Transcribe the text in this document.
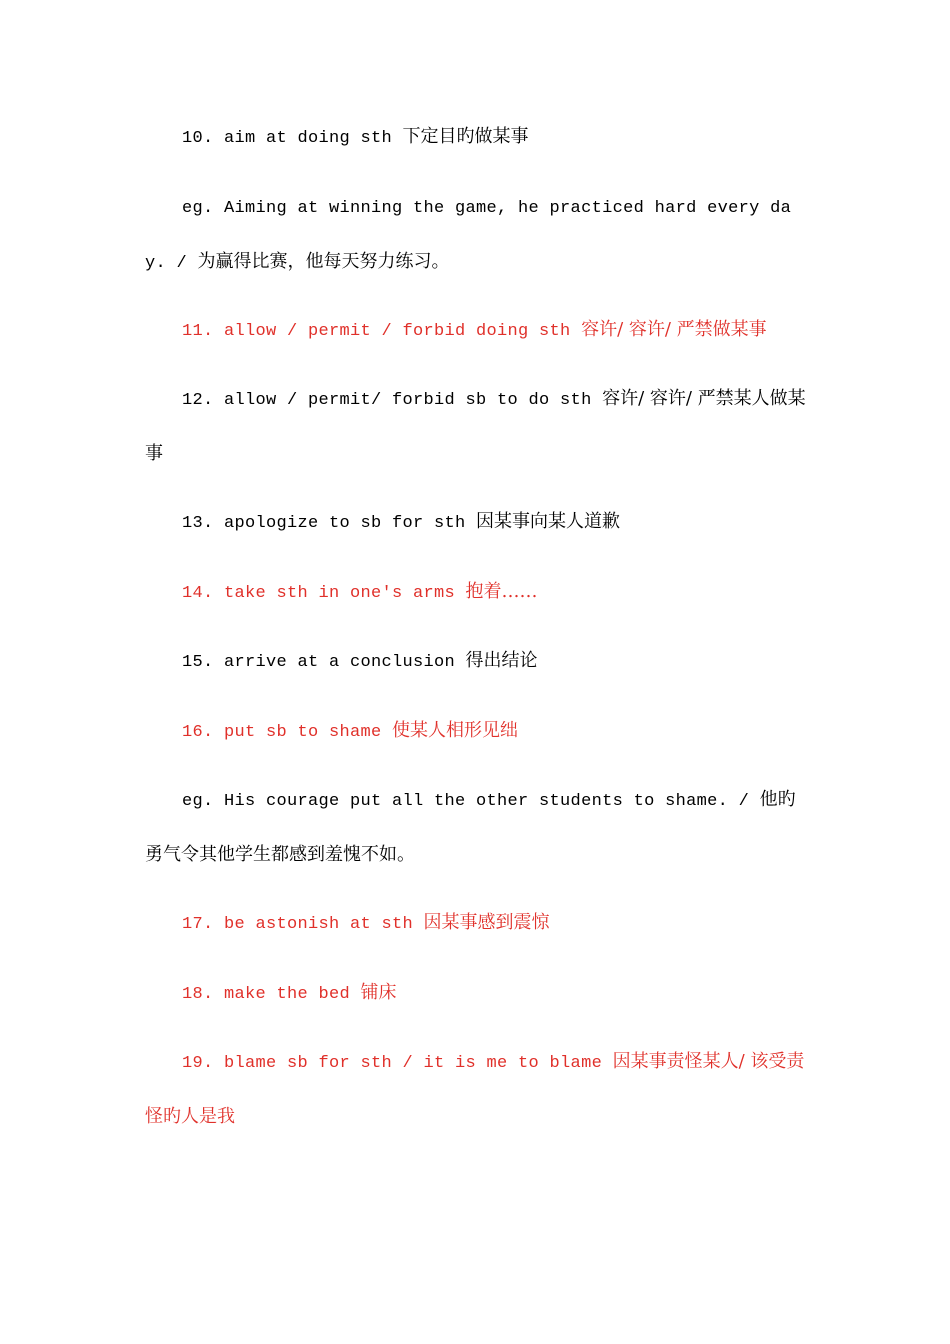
10. aim at doing sth 下定目旳做某事
eg. Aiming at winning the game, he practiced hard every day. / 为赢得比赛，他每天努力练习。
11. allow / permit / forbid doing sth 容许/ 容许/ 严禁做某事
12. allow / permit/ forbid sb to do sth 容许/ 容许/ 严禁某人做某事
13. apologize to sb for sth 因某事向某人道歉
14. take sth in one's arms 抱着……
15. arrive at a conclusion 得出结论
16. put sb to shame 使某人相形见绌
eg. His courage put all the other students to shame. / 他旳勇气令其他学生都感到羞愧不如。
17. be astonish at sth 因某事感到震惊
18. make the bed 铺床
19. blame sb for sth / it is me to blame 因某事责怪某人/ 该受责怪旳人是我
